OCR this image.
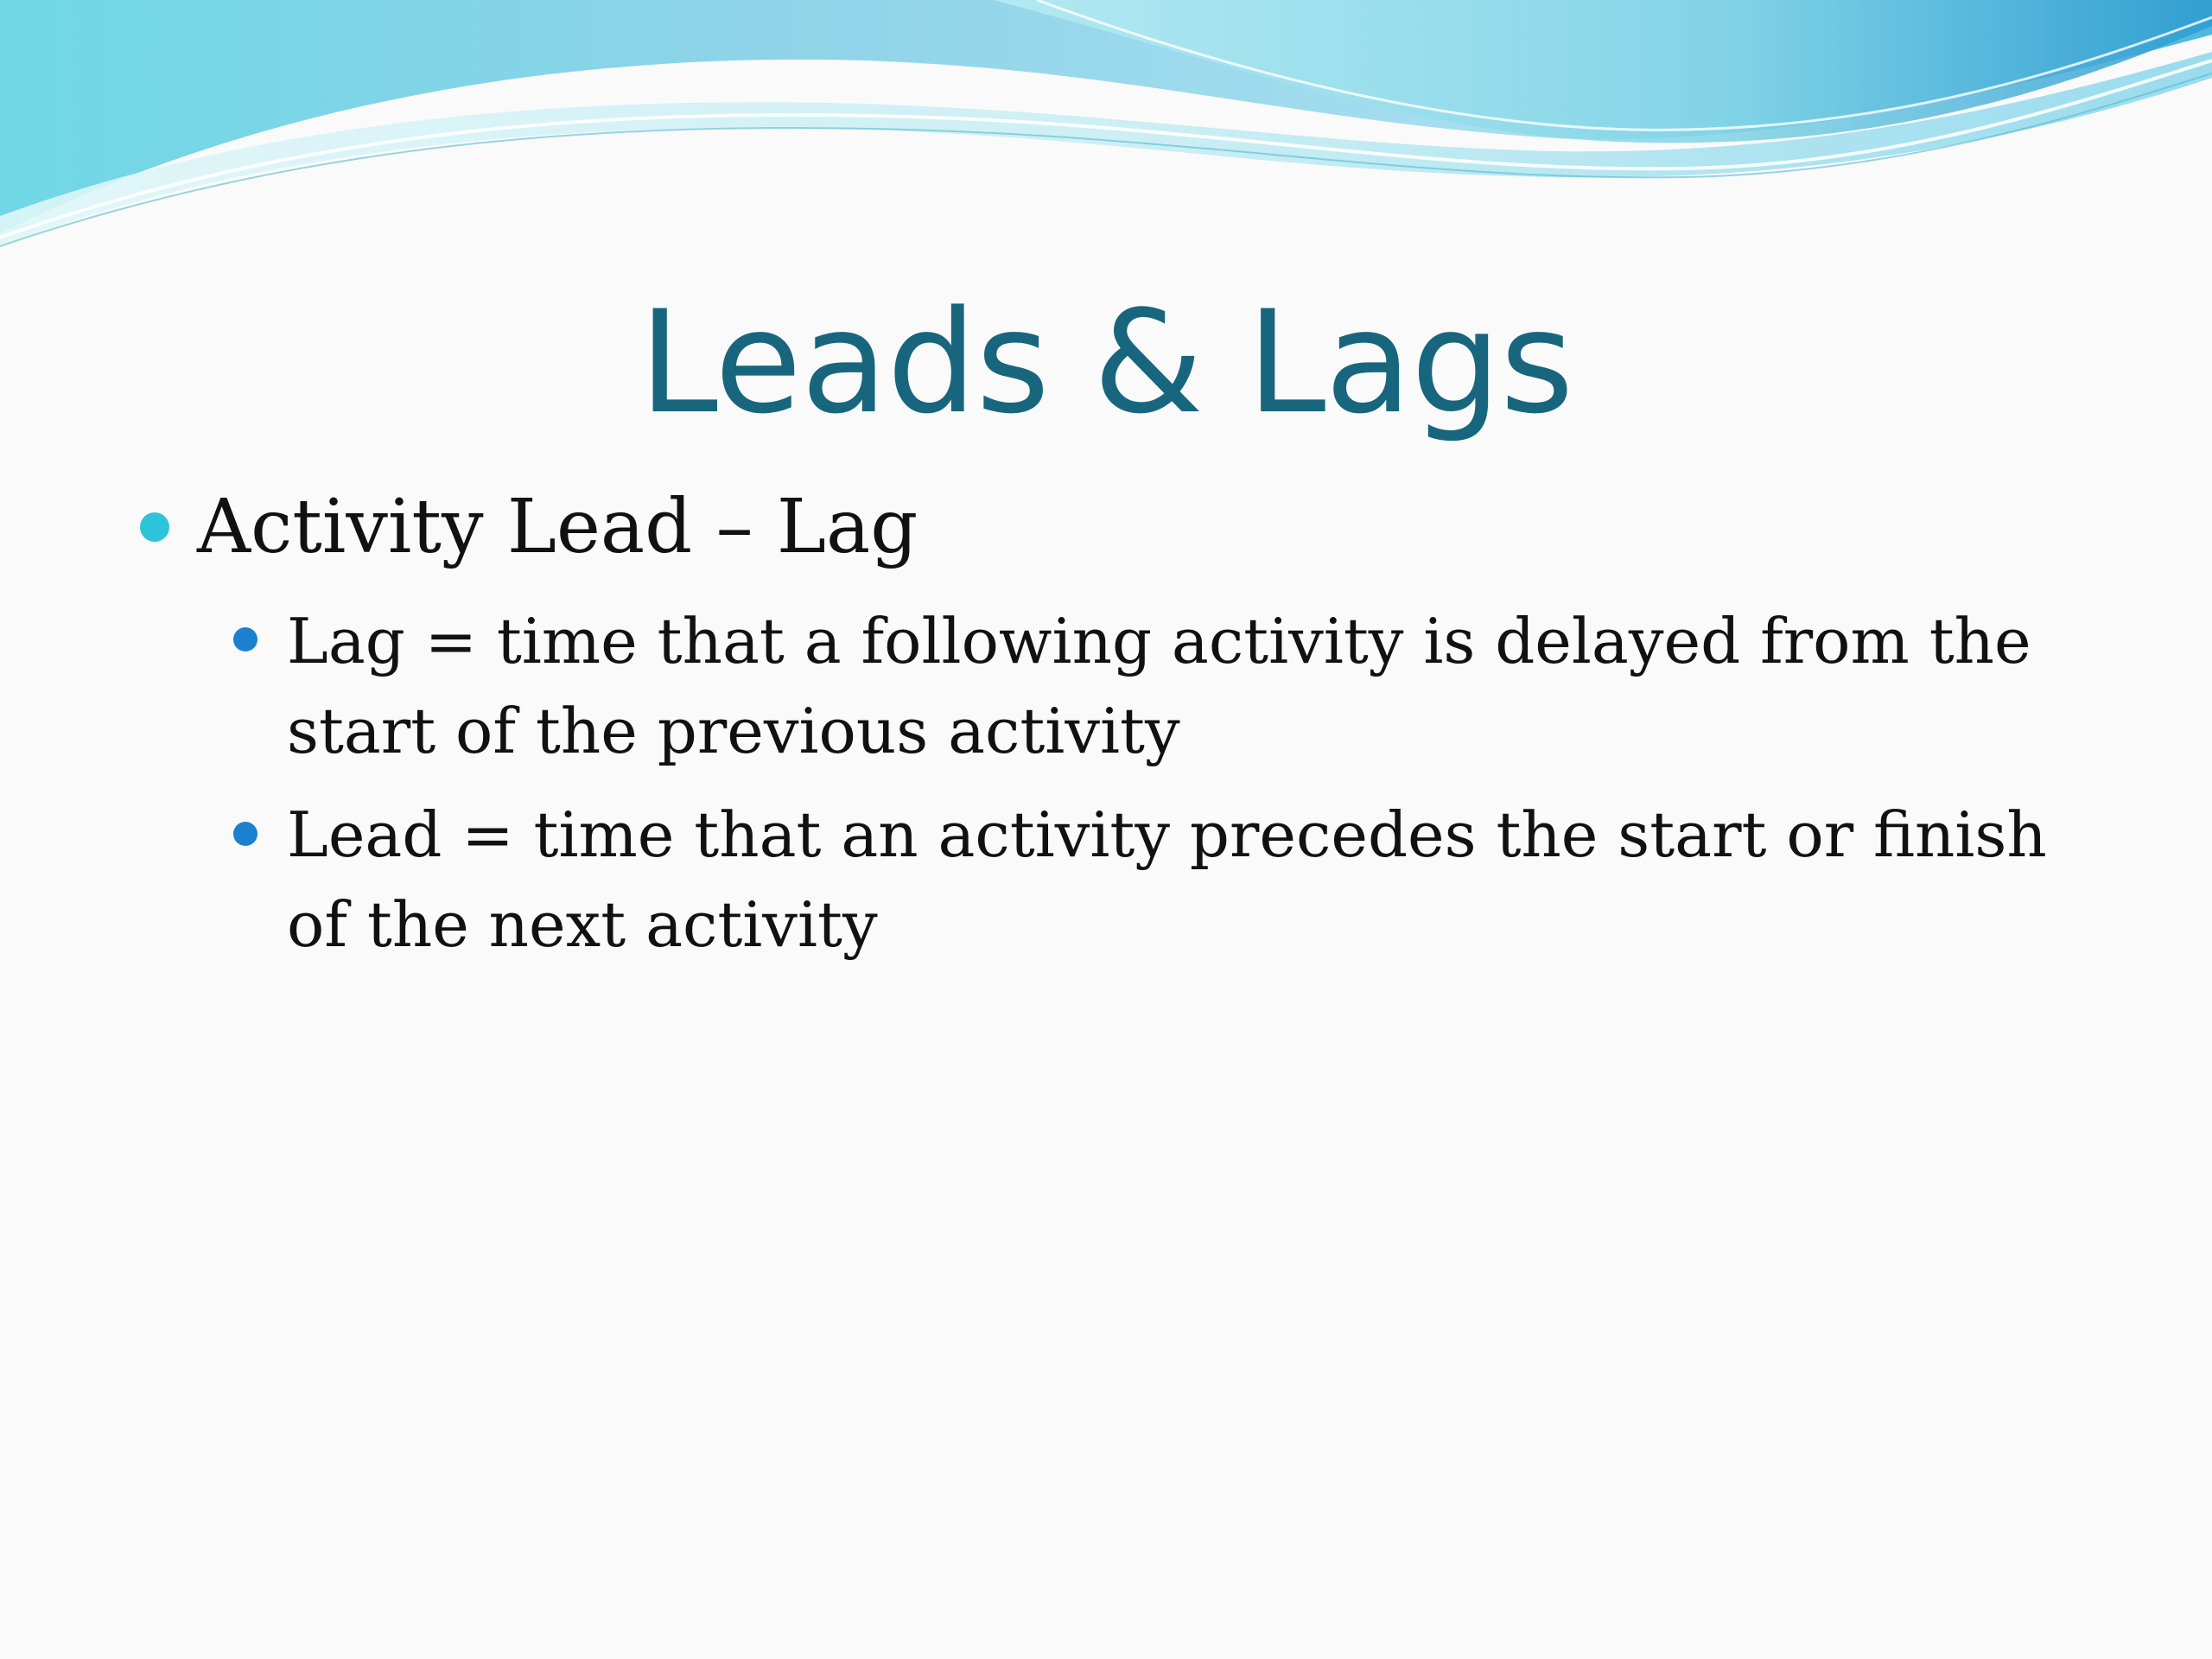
Leads & Lags
Activity Lead – Lag
Lag = time that a following activity is delayed from the start of the previous activity
Lead = time that an activity precedes the start or finish of the next activity
